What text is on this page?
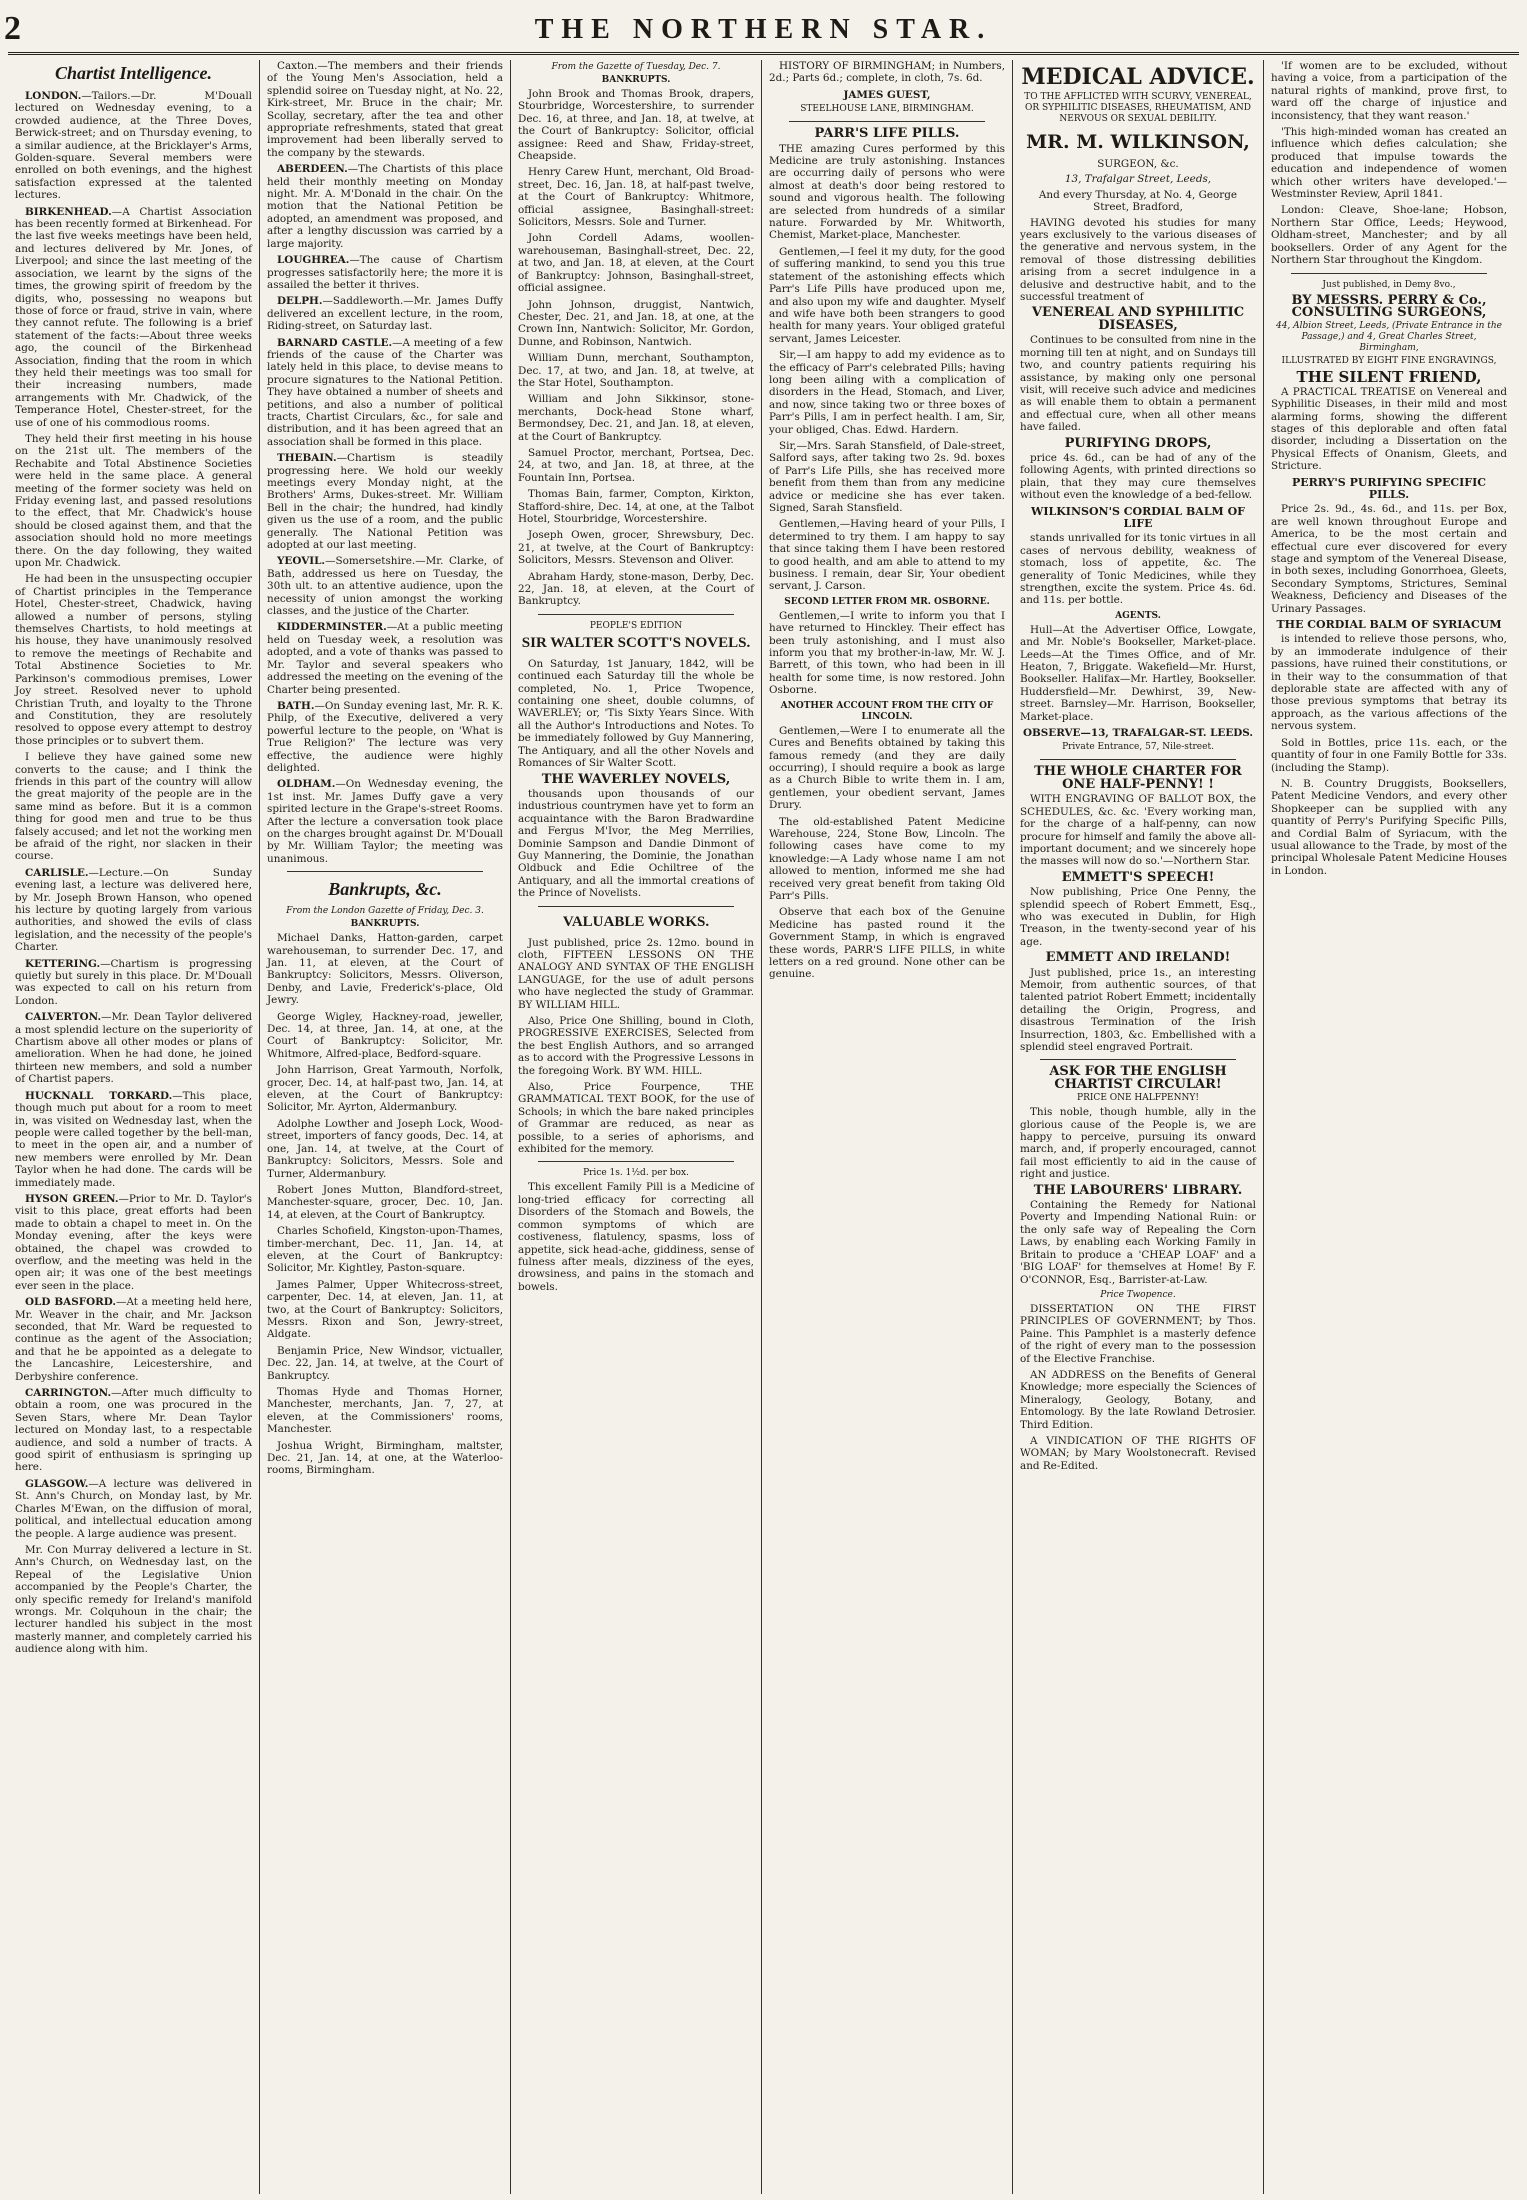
2	THE NORTHERN STAR.
Chartist Intelligence.

LONDON.—Tailors.—Dr. M'Douall lectured on Wednesday evening, to a crowded audience, at the Three Doves, Berwick-street; and on Thursday evening, to a similar audience, at the Bricklayer's Arms, Golden-square. Several members were enrolled on both evenings, and the highest satisfaction expressed at the talented lectures.

BIRKENHEAD.—A Chartist Association has been recently formed at Birkenhead. For the last five weeks meetings have been held, and lectures delivered by Mr. Jones, of Liverpool; and since the last meeting of the association, we learnt by the signs of the times, the growing spirit of freedom by the digits, who, possessing no weapons but those of force or fraud, strive in vain, where they cannot refute. The following is a brief statement of the facts:—About three weeks ago, the council of the Birkenhead Association, finding that the room in which they held their meetings was too small for their increasing numbers, made arrangements with Mr. Chadwick, of the Temperance Hotel, Chester-street, for the use of one of his commodious rooms.

They held their first meeting in his house on the 21st ult. The members of the Rechabite and Total Abstinence Societies were held in the same place. A general meeting of the former society was held on Friday evening last, and passed resolutions to the effect, that Mr. Chadwick's house should be closed against them, and that the association should hold no more meetings there. On the day following, they waited upon Mr. Chadwick.

He had been in the unsuspecting occupier of Chartist principles in the Temperance Hotel, Chester-street, Chadwick, having allowed a number of persons, styling themselves Chartists, to hold meetings at his house, they have unanimously resolved to remove the meetings of Rechabite and Total Abstinence Societies to Mr. Parkinson's commodious premises, Lower Joy street. Resolved never to uphold Christian Truth, and loyalty to the Throne and Constitution, they are resolutely resolved to oppose every attempt to destroy those principles or to subvert them.

I believe they have gained some new converts to the cause; and I think the friends in this part of the country will allow the great majority of the people are in the same mind as before. But it is a common thing for good men and true to be thus falsely accused; and let not the working men be afraid of the right, nor slacken in their course.

CARLISLE.—Lecture.—On Sunday evening last, a lecture was delivered here, by Mr. Joseph Brown Hanson, who opened his lecture by quoting largely from various authorities, and showed the evils of class legislation, and the necessity of the people's Charter.

KETTERING.—Chartism is progressing quietly but surely in this place. Dr. M'Douall was expected to call on his return from London.

CALVERTON.—Mr. Dean Taylor delivered a most splendid lecture on the superiority of Chartism above all other modes or plans of amelioration. When he had done, he joined thirteen new members, and sold a number of Chartist papers.

HUCKNALL TORKARD.—This place, though much put about for a room to meet in, was visited on Wednesday last, when the people were called together by the bell-man, to meet in the open air, and a number of new members were enrolled by Mr. Dean Taylor when he had done. The cards will be immediately made.

HYSON GREEN.—Prior to Mr. D. Taylor's visit to this place, great efforts had been made to obtain a chapel to meet in. On the Monday evening, after the keys were obtained, the chapel was crowded to overflow, and the meeting was held in the open air; it was one of the best meetings ever seen in the place.

OLD BASFORD.—At a meeting held here, Mr. Weaver in the chair, and Mr. Jackson seconded, that Mr. Ward be requested to continue as the agent of the Association; and that he be appointed as a delegate to the Lancashire, Leicestershire, and Derbyshire conference.

CARRINGTON.—After much difficulty to obtain a room, one was procured in the Seven Stars, where Mr. Dean Taylor lectured on Monday last, to a respectable audience, and sold a number of tracts. A good spirit of enthusiasm is springing up here.

GLASGOW.—A lecture was delivered in St. Ann's Church, on Monday last, by Mr. Charles M'Ewan, on the diffusion of moral, political, and intellectual education among the people. A large audience was present.

Mr. Con Murray delivered a lecture in St. Ann's Church, on Wednesday last, on the Repeal of the Legislative Union accompanied by the People's Charter, the only specific remedy for Ireland's manifold wrongs. Mr. Colquhoun in the chair; the lecturer handled his subject in the most masterly manner, and completely carried his audience along with him.

Caxton.—The members and their friends of the Young Men's Association, held a splendid soiree on Tuesday night, at No. 22, Kirk-street, Mr. Bruce in the chair; Mr. Scollay, secretary, after the tea and other appropriate refreshments, stated that great improvement had been liberally served to the company by the stewards.

ABERDEEN.—The Chartists of this place held their monthly meeting on Monday night. Mr. A. M'Donald in the chair. On the motion that the National Petition be adopted, an amendment was proposed, and after a lengthy discussion was carried by a large majority.

LOUGHREA.—The cause of Chartism progresses satisfactorily here; the more it is assailed the better it thrives.

DELPH.—Saddleworth.—Mr. James Duffy delivered an excellent lecture, in the room, Riding-street, on Saturday last.

BARNARD CASTLE.—A meeting of a few friends of the cause of the Charter was lately held in this place, to devise means to procure signatures to the National Petition. They have obtained a number of sheets and petitions, and also a number of political tracts, Chartist Circulars, &c., for sale and distribution, and it has been agreed that an association shall be formed in this place.

THEBAIN.—Chartism is steadily progressing here. We hold our weekly meetings every Monday night, at the Brothers' Arms, Dukes-street. Mr. William Bell in the chair; the hundred, had kindly given us the use of a room, and the public generally. The National Petition was adopted at our last meeting.

YEOVIL.—Somersetshire.—Mr. Clarke, of Bath, addressed us here on Tuesday, the 30th ult. to an attentive audience, upon the necessity of union amongst the working classes, and the justice of the Charter.

KIDDERMINSTER.—At a public meeting held on Tuesday week, a resolution was adopted, and a vote of thanks was passed to Mr. Taylor and several speakers who addressed the meeting on the evening of the Charter being presented.

BATH.—On Sunday evening last, Mr. R. K. Philp, of the Executive, delivered a very powerful lecture to the people, on 'What is True Religion?' The lecture was very effective, the audience were highly delighted.

OLDHAM.—On Wednesday evening, the 1st inst. Mr. James Duffy gave a very spirited lecture in the Grape's-street Rooms. After the lecture a conversation took place on the charges brought against Dr. M'Douall by Mr. William Taylor; the meeting was unanimous.

Bankrupts, &c.
From the London Gazette of Friday, Dec. 3.
BANKRUPTS.

Michael Danks, Hatton-garden, carpet warehouseman, to surrender Dec. 17, and Jan. 11, at eleven, at the Court of Bankruptcy: Solicitors, Messrs. Oliverson, Denby, and Lavie, Frederick's-place, Old Jewry.

George Wigley, Hackney-road, jeweller, Dec. 14, at three, Jan. 14, at one, at the Court of Bankruptcy: Solicitor, Mr. Whitmore, Alfred-place, Bedford-square.

John Harrison, Great Yarmouth, Norfolk, grocer, Dec. 14, at half-past two, Jan. 14, at eleven, at the Court of Bankruptcy: Solicitor, Mr. Ayrton, Aldermanbury.

Adolphe Lowther and Joseph Lock, Wood-street, importers of fancy goods, Dec. 14, at one, Jan. 14, at twelve, at the Court of Bankruptcy: Solicitors, Messrs. Sole and Turner, Aldermanbury.

Robert Jones Mutton, Blandford-street, Manchester-square, grocer, Dec. 10, Jan. 14, at eleven, at the Court of Bankruptcy.

Charles Schofield, Kingston-upon-Thames, timber-merchant, Dec. 11, Jan. 14, at eleven, at the Court of Bankruptcy: Solicitor, Mr. Kightley, Paston-square.

James Palmer, Upper Whitecross-street, carpenter, Dec. 14, at eleven, Jan. 11, at two, at the Court of Bankruptcy: Solicitors, Messrs. Rixon and Son, Jewry-street, Aldgate.

Benjamin Price, New Windsor, victualler, Dec. 22, Jan. 14, at twelve, at the Court of Bankruptcy.

Thomas Hyde and Thomas Horner, Manchester, merchants, Jan. 7, 27, at eleven, at the Commissioners' rooms, Manchester.

Joshua Wright, Birmingham, maltster, Dec. 21, Jan. 14, at one, at the Waterloo-rooms, Birmingham.

From the Gazette of Tuesday, Dec. 7.
BANKRUPTS.

John Brook and Thomas Brook, drapers, Stourbridge, Worcestershire, to surrender Dec. 16, at three, and Jan. 18, at twelve, at the Court of Bankruptcy: Solicitor, official assignee: Reed and Shaw, Friday-street, Cheapside.

Henry Carew Hunt, merchant, Old Broad-street, Dec. 16, Jan. 18, at half-past twelve, at the Court of Bankruptcy: Whitmore, official assignee, Basinghall-street: Solicitors, Messrs. Sole and Turner.

John Cordell Adams, woollen-warehouseman, Basinghall-street, Dec. 22, at two, and Jan. 18, at eleven, at the Court of Bankruptcy: Johnson, Basinghall-street, official assignee.

John Johnson, druggist, Nantwich, Chester, Dec. 21, and Jan. 18, at one, at the Crown Inn, Nantwich: Solicitor, Mr. Gordon, Dunne, and Robinson, Nantwich.

William Dunn, merchant, Southampton, Dec. 17, at two, and Jan. 18, at twelve, at the Star Hotel, Southampton.

William and John Sikkinsor, stone-merchants, Dock-head Stone wharf, Bermondsey, Dec. 21, and Jan. 18, at eleven, at the Court of Bankruptcy.

Samuel Proctor, merchant, Portsea, Dec. 24, at two, and Jan. 18, at three, at the Fountain Inn, Portsea.

Thomas Bain, farmer, Compton, Kirkton, Stafford-shire, Dec. 14, at one, at the Talbot Hotel, Stourbridge, Worcestershire.

Joseph Owen, grocer, Shrewsbury, Dec. 21, at twelve, at the Court of Bankruptcy: Solicitors, Messrs. Stevenson and Oliver.

Abraham Hardy, stone-mason, Derby, Dec. 22, Jan. 18, at eleven, at the Court of Bankruptcy.

PEOPLE'S EDITION
SIR WALTER SCOTT'S NOVELS.

On Saturday, 1st January, 1842, will be continued each Saturday till the whole be completed, No. 1, Price Twopence, containing one sheet, double columns, of WAVERLEY; or, 'Tis Sixty Years Since. With all the Author's Introductions and Notes. To be immediately followed by Guy Mannering, The Antiquary, and all the other Novels and Romances of Sir Walter Scott.

THE WAVERLEY NOVELS,

thousands upon thousands of our industrious countrymen have yet to form an acquaintance with the Baron Bradwardine and Fergus M'Ivor, the Meg Merrilies, Dominie Sampson and Dandie Dinmont of Guy Mannering, the Dominie, the Jonathan Oldbuck and Edie Ochiltree of the Antiquary, and all the immortal creations of the Prince of Novelists.

VALUABLE WORKS.

Just published, price 2s. 12mo. bound in cloth, FIFTEEN LESSONS ON THE ANALOGY AND SYNTAX OF THE ENGLISH LANGUAGE, for the use of adult persons who have neglected the study of Grammar. BY WILLIAM HILL.

Also, Price One Shilling, bound in Cloth, PROGRESSIVE EXERCISES, Selected from the best English Authors, and so arranged as to accord with the Progressive Lessons in the foregoing Work. BY WM. HILL.

Also, Price Fourpence, THE GRAMMATICAL TEXT BOOK, for the use of Schools; in which the bare naked principles of Grammar are reduced, as near as possible, to a series of aphorisms, and exhibited for the memory.

Price 1s. 1½d. per box.

This excellent Family Pill is a Medicine of long-tried efficacy for correcting all Disorders of the Stomach and Bowels, the common symptoms of which are costiveness, flatulency, spasms, loss of appetite, sick head-ache, giddiness, sense of fulness after meals, dizziness of the eyes, drowsiness, and pains in the stomach and bowels.

HISTORY OF BIRMINGHAM; in Numbers, 2d.; Parts 6d.; complete, in cloth, 7s. 6d.

JAMES GUEST,
STEELHOUSE LANE, BIRMINGHAM.
PARR'S LIFE PILLS.

THE amazing Cures performed by this Medicine are truly astonishing. Instances are occurring daily of persons who were almost at death's door being restored to sound and vigorous health. The following are selected from hundreds of a similar nature. Forwarded by Mr. Whitworth, Chemist, Market-place, Manchester.

Gentlemen,—I feel it my duty, for the good of suffering mankind, to send you this true statement of the astonishing effects which Parr's Life Pills have produced upon me, and also upon my wife and daughter. Myself and wife have both been strangers to good health for many years. Your obliged grateful servant, James Leicester.

Sir,—I am happy to add my evidence as to the efficacy of Parr's celebrated Pills; having long been ailing with a complication of disorders in the Head, Stomach, and Liver, and now, since taking two or three boxes of Parr's Pills, I am in perfect health. I am, Sir, your obliged, Chas. Edwd. Hardern.

Sir,—Mrs. Sarah Stansfield, of Dale-street, Salford says, after taking two 2s. 9d. boxes of Parr's Life Pills, she has received more benefit from them than from any medicine advice or medicine she has ever taken. Signed, Sarah Stansfield.

Gentlemen,—Having heard of your Pills, I determined to try them. I am happy to say that since taking them I have been restored to good health, and am able to attend to my business. I remain, dear Sir, Your obedient servant, J. Carson.

SECOND LETTER FROM MR. OSBORNE.

Gentlemen,—I write to inform you that I have returned to Hinckley. Their effect has been truly astonishing, and I must also inform you that my brother-in-law, Mr. W. J. Barrett, of this town, who had been in ill health for some time, is now restored. John Osborne.

ANOTHER ACCOUNT FROM THE CITY OF LINCOLN.

Gentlemen,—Were I to enumerate all the Cures and Benefits obtained by taking this famous remedy (and they are daily occurring), I should require a book as large as a Church Bible to write them in. I am, gentlemen, your obedient servant, James Drury.

The old-established Patent Medicine Warehouse, 224, Stone Bow, Lincoln. The following cases have come to my knowledge:—A Lady whose name I am not allowed to mention, informed me she had received very great benefit from taking Old Parr's Pills.

Observe that each box of the Genuine Medicine has pasted round it the Government Stamp, in which is engraved these words, PARR'S LIFE PILLS, in white letters on a red ground. None other can be genuine.

MEDICAL ADVICE.
TO THE AFFLICTED WITH SCURVY, VENEREAL, OR SYPHILITIC DISEASES, RHEUMATISM, AND NERVOUS OR SEXUAL DEBILITY.
MR. M. WILKINSON,
SURGEON, &c.
13, Trafalgar Street, Leeds,
And every Thursday, at No. 4, George Street, Bradford,

HAVING devoted his studies for many years exclusively to the various diseases of the generative and nervous system, in the removal of those distressing debilities arising from a secret indulgence in a delusive and destructive habit, and to the successful treatment of

VENEREAL AND SYPHILITIC DISEASES,

Continues to be consulted from nine in the morning till ten at night, and on Sundays till two, and country patients requiring his assistance, by making only one personal visit, will receive such advice and medicines as will enable them to obtain a permanent and effectual cure, when all other means have failed.

PURIFYING DROPS,

price 4s. 6d., can be had of any of the following Agents, with printed directions so plain, that they may cure themselves without even the knowledge of a bed-fellow.

WILKINSON'S CORDIAL BALM OF LIFE

stands unrivalled for its tonic virtues in all cases of nervous debility, weakness of stomach, loss of appetite, &c. The generality of Tonic Medicines, while they strengthen, excite the system. Price 4s. 6d. and 11s. per bottle.

AGENTS.

Hull—At the Advertiser Office, Lowgate, and Mr. Noble's Bookseller, Market-place. Leeds—At the Times Office, and of Mr. Heaton, 7, Briggate. Wakefield—Mr. Hurst, Bookseller. Halifax—Mr. Hartley, Bookseller. Huddersfield—Mr. Dewhirst, 39, New-street. Barnsley—Mr. Harrison, Bookseller, Market-place.

OBSERVE—13, TRAFALGAR-ST. LEEDS.
Private Entrance, 57, Nile-street.
THE WHOLE CHARTER FOR ONE HALF-PENNY! !

WITH ENGRAVING OF BALLOT BOX, the SCHEDULES, &c. &c. 'Every working man, for the charge of a half-penny, can now procure for himself and family the above all-important document; and we sincerely hope the masses will now do so.'—Northern Star.

EMMETT'S SPEECH!

Now publishing, Price One Penny, the splendid speech of Robert Emmett, Esq., who was executed in Dublin, for High Treason, in the twenty-second year of his age.

EMMETT AND IRELAND!

Just published, price 1s., an interesting Memoir, from authentic sources, of that talented patriot Robert Emmett; incidentally detailing the Origin, Progress, and disastrous Termination of the Irish Insurrection, 1803, &c. Embellished with a splendid steel engraved Portrait.

ASK FOR THE ENGLISH CHARTIST CIRCULAR!
PRICE ONE HALFPENNY!

This noble, though humble, ally in the glorious cause of the People is, we are happy to perceive, pursuing its onward march, and, if properly encouraged, cannot fail most efficiently to aid in the cause of right and justice.

THE LABOURERS' LIBRARY.

Containing the Remedy for National Poverty and Impending National Ruin: or the only safe way of Repealing the Corn Laws, by enabling each Working Family in Britain to produce a 'CHEAP LOAF' and a 'BIG LOAF' for themselves at Home! By F. O'CONNOR, Esq., Barrister-at-Law.

Price Twopence.

DISSERTATION ON THE FIRST PRINCIPLES OF GOVERNMENT; by Thos. Paine. This Pamphlet is a masterly defence of the right of every man to the possession of the Elective Franchise.

AN ADDRESS on the Benefits of General Knowledge; more especially the Sciences of Mineralogy, Geology, Botany, and Entomology. By the late Rowland Detrosier. Third Edition.

A VINDICATION OF THE RIGHTS OF WOMAN; by Mary Woolstonecraft. Revised and Re-Edited.

'If women are to be excluded, without having a voice, from a participation of the natural rights of mankind, prove first, to ward off the charge of injustice and inconsistency, that they want reason.'

'This high-minded woman has created an influence which defies calculation; she produced that impulse towards the education and independence of women which other writers have developed.'—Westminster Review, April 1841.

London: Cleave, Shoe-lane; Hobson, Northern Star Office, Leeds; Heywood, Oldham-street, Manchester; and by all booksellers. Order of any Agent for the Northern Star throughout the Kingdom.

Just published, in Demy 8vo.,
BY MESSRS. PERRY & Co., CONSULTING SURGEONS,
44, Albion Street, Leeds, (Private Entrance in the Passage,) and 4, Great Charles Street, Birmingham,
ILLUSTRATED BY EIGHT FINE ENGRAVINGS,
THE SILENT FRIEND,

A PRACTICAL TREATISE on Venereal and Syphilitic Diseases, in their mild and most alarming forms, showing the different stages of this deplorable and often fatal disorder, including a Dissertation on the Physical Effects of Onanism, Gleets, and Stricture.

PERRY'S PURIFYING SPECIFIC PILLS.

Price 2s. 9d., 4s. 6d., and 11s. per Box, are well known throughout Europe and America, to be the most certain and effectual cure ever discovered for every stage and symptom of the Venereal Disease, in both sexes, including Gonorrhoea, Gleets, Secondary Symptoms, Strictures, Seminal Weakness, Deficiency and Diseases of the Urinary Passages.

THE CORDIAL BALM OF SYRIACUM

is intended to relieve those persons, who, by an immoderate indulgence of their passions, have ruined their constitutions, or in their way to the consummation of that deplorable state are affected with any of those previous symptoms that betray its approach, as the various affections of the nervous system.

Sold in Bottles, price 11s. each, or the quantity of four in one Family Bottle for 33s. (including the Stamp).

N. B. Country Druggists, Booksellers, Patent Medicine Vendors, and every other Shopkeeper can be supplied with any quantity of Perry's Purifying Specific Pills, and Cordial Balm of Syriacum, with the usual allowance to the Trade, by most of the principal Wholesale Patent Medicine Houses in London.
